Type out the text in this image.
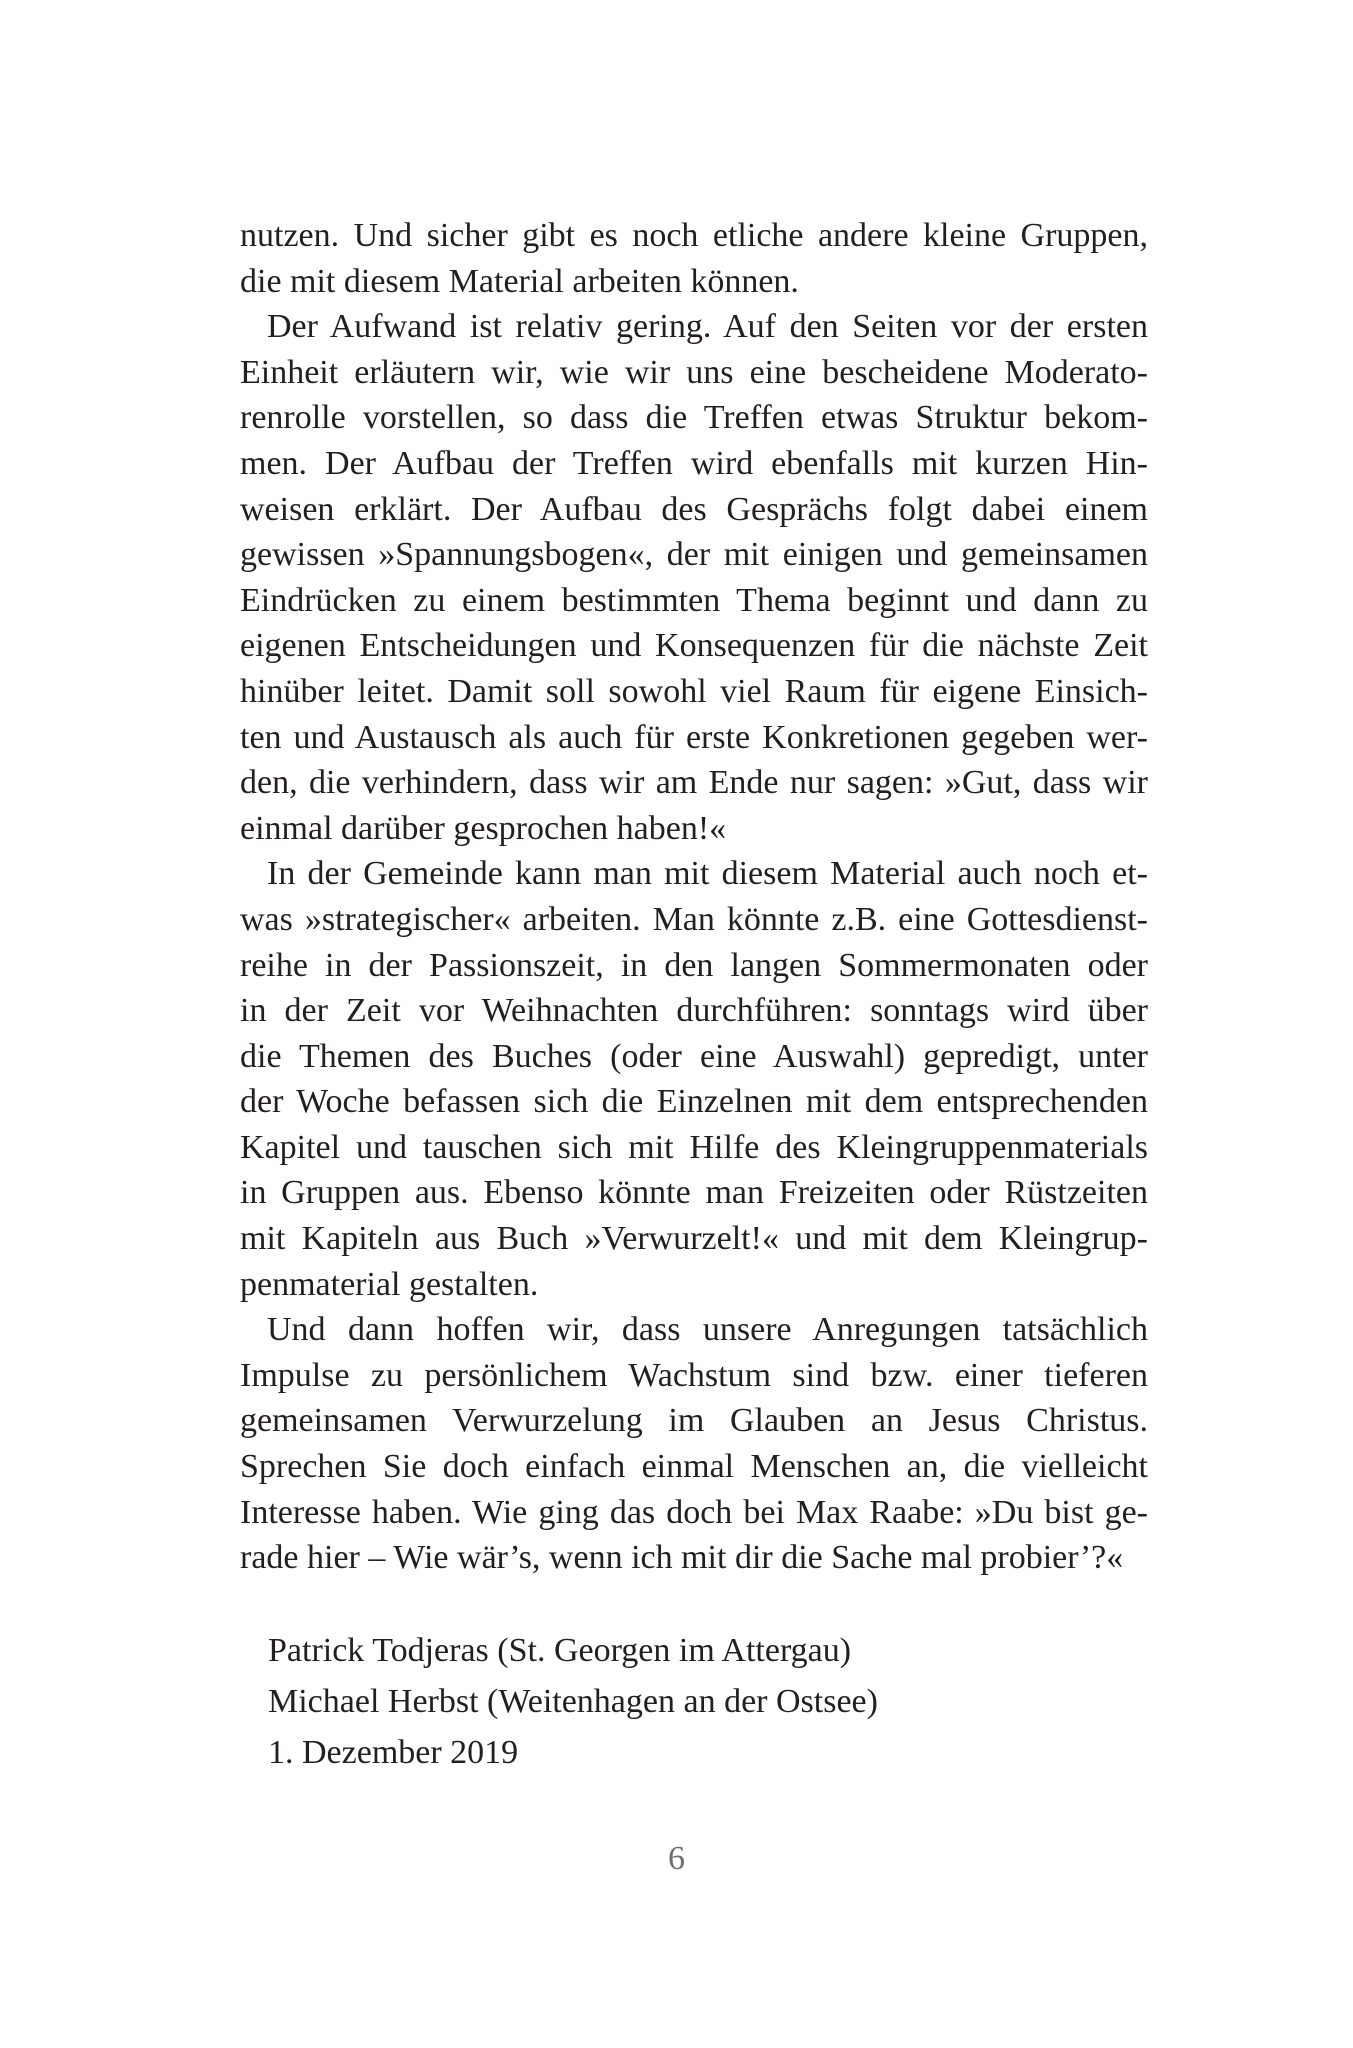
nutzen. Und sicher gibt es noch etliche andere kleine Gruppen,
die mit diesem Material arbeiten können.
Der Aufwand ist relativ gering. Auf den Seiten vor der ersten
Einheit erläutern wir, wie wir uns eine bescheidene Moderato-
renrolle vorstellen, so dass die Treffen etwas Struktur bekom-
men. Der Aufbau der Treffen wird ebenfalls mit kurzen Hin-
weisen erklärt. Der Aufbau des Gesprächs folgt dabei einem
gewissen »Spannungsbogen«, der mit einigen und gemeinsamen
Eindrücken zu einem bestimmten Thema beginnt und dann zu
eigenen Entscheidungen und Konsequenzen für die nächste Zeit
hinüber leitet. Damit soll sowohl viel Raum für eigene Einsich-
ten und Austausch als auch für erste Konkretionen gegeben wer-
den, die verhindern, dass wir am Ende nur sagen: »Gut, dass wir
einmal darüber gesprochen haben!«
In der Gemeinde kann man mit diesem Material auch noch et-
was »strategischer« arbeiten. Man könnte z.B. eine Gottesdienst-
reihe in der Passionszeit, in den langen Sommermonaten oder
in der Zeit vor Weihnachten durchführen: sonntags wird über
die Themen des Buches (oder eine Auswahl) gepredigt, unter
der Woche befassen sich die Einzelnen mit dem entsprechenden
Kapitel und tauschen sich mit Hilfe des Kleingruppenmaterials
in Gruppen aus. Ebenso könnte man Freizeiten oder Rüstzeiten
mit Kapiteln aus Buch »Verwurzelt!« und mit dem Kleingrup-
penmaterial gestalten.
Und dann hoffen wir, dass unsere Anregungen tatsächlich
Impulse zu persönlichem Wachstum sind bzw. einer tieferen
gemeinsamen Verwurzelung im Glauben an Jesus Christus.
Sprechen Sie doch einfach einmal Menschen an, die vielleicht
Interesse haben. Wie ging das doch bei Max Raabe: »Du bist ge-
rade hier – Wie wär’s, wenn ich mit dir die Sache mal probier’?«
Patrick Todjeras (St. Georgen im Attergau)
Michael Herbst (Weitenhagen an der Ostsee)
1. Dezember 2019
6
